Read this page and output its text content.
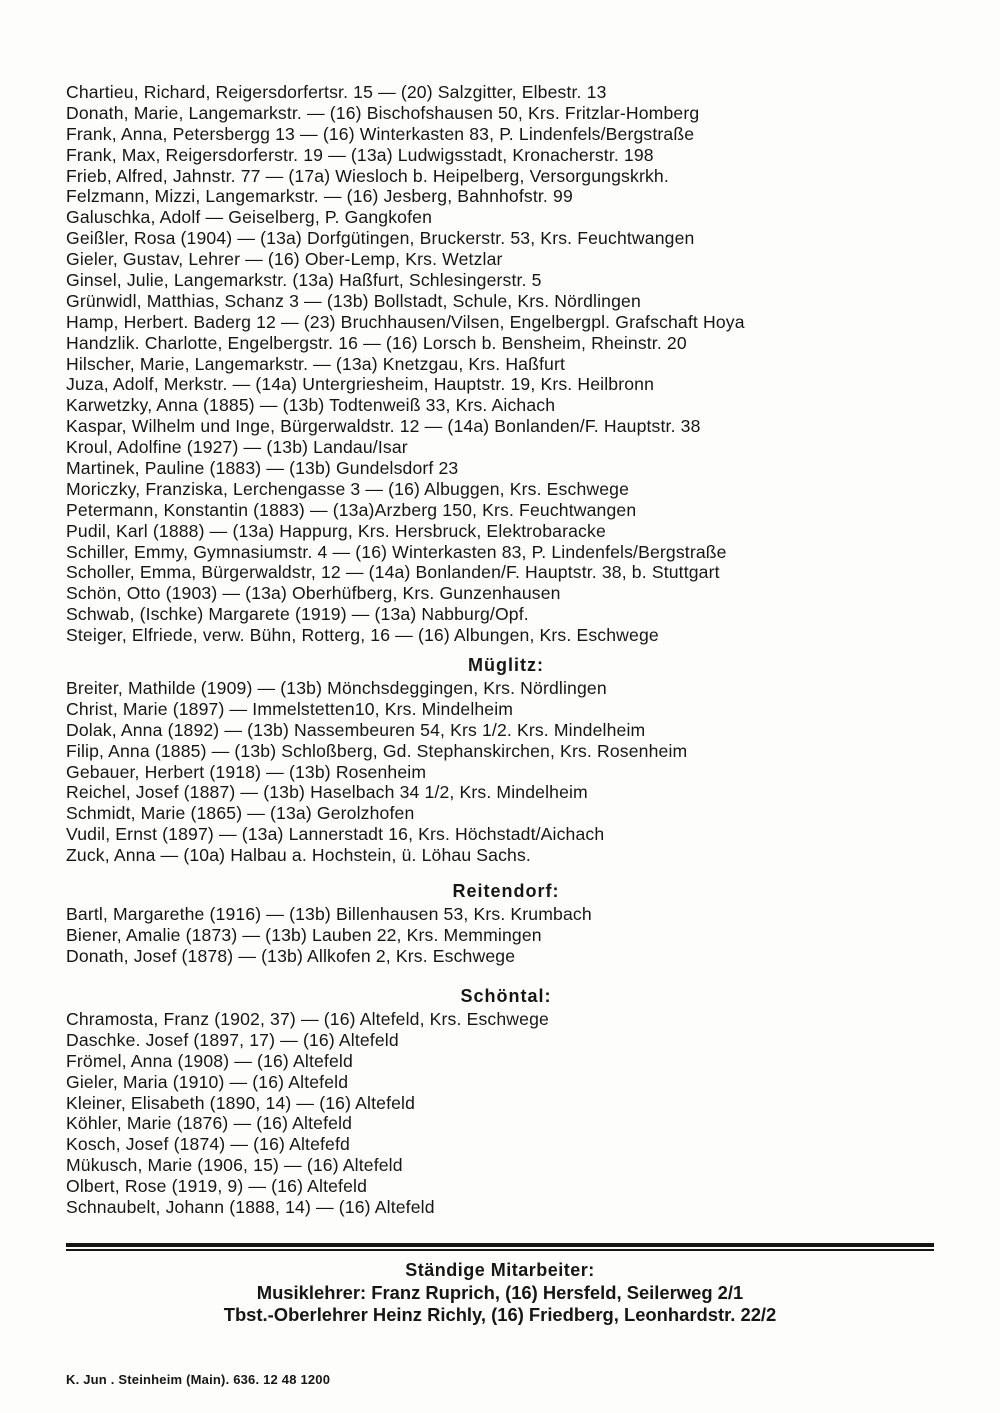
Chartieu, Richard, Reigersdorfertsr. 15 — (20) Salzgitter, Elbestr. 13
Donath, Marie, Langemarkstr. — (16) Bischofshausen 50, Krs. Fritzlar-Homberg
Frank, Anna, Petersbergg 13 — (16) Winterkasten 83, P. Lindenfels/Bergstraße
Frank, Max, Reigersdorferstr. 19 — (13a) Ludwigsstadt, Kronacherstr. 198
Frieb, Alfred, Jahnstr. 77 — (17a) Wiesloch b. Heipelberg, Versorgungskrkh.
Felzmann, Mizzi, Langemarkstr. — (16) Jesberg, Bahnhofstr. 99
Galuschka, Adolf — Geiselberg, P. Gangkofen
Geißler, Rosa (1904) — (13a) Dorfgütingen, Bruckerstr. 53, Krs. Feuchtwangen
Gieler, Gustav, Lehrer — (16) Ober-Lemp, Krs. Wetzlar
Ginsel, Julie, Langemarkstr. (13a) Haßfurt, Schlesingerstr. 5
Grünwidl, Matthias, Schanz 3 — (13b) Bollstadt, Schule, Krs. Nördlingen
Hamp, Herbert. Baderg 12 — (23) Bruchhausen/Vilsen, Engelbergpl. Grafschaft Hoya
Handzlik. Charlotte, Engelbergstr. 16 — (16) Lorsch b. Bensheim, Rheinstr. 20
Hilscher, Marie, Langemarkstr. — (13a) Knetzgau, Krs. Haßfurt
Juza, Adolf, Merkstr. — (14a) Untergriesheim, Hauptstr. 19, Krs. Heilbronn
Karwetzky, Anna (1885) — (13b) Todtenweiß 33, Krs. Aichach
Kaspar, Wilhelm und Inge, Bürgerwaldstr. 12 — (14a) Bonlanden/F. Hauptstr. 38
Kroul, Adolfine (1927) — (13b) Landau/Isar
Martinek, Pauline (1883) — (13b) Gundelsdorf 23
Moriczky, Franziska, Lerchengasse 3 — (16) Albuggen, Krs. Eschwege
Petermann, Konstantin (1883) — (13a)Arzberg 150, Krs. Feuchtwangen
Pudil, Karl (1888) — (13a) Happurg, Krs. Hersbruck, Elektrobaracke
Schiller, Emmy, Gymnasiumstr. 4 — (16) Winterkasten 83, P. Lindenfels/Bergstraße
Scholler, Emma, Bürgerwaldstr, 12 — (14a) Bonlanden/F. Hauptstr. 38, b. Stuttgart
Schön, Otto (1903) — (13a) Oberhüfberg, Krs. Gunzenhausen
Schwab, (Ischke) Margarete (1919) — (13a) Nabburg/Opf.
Steiger, Elfriede, verw. Bühn, Rotterg, 16 — (16) Albungen, Krs. Eschwege
Müglitz:
Breiter, Mathilde (1909) — (13b) Mönchsdeggingen, Krs. Nördlingen
Christ, Marie (1897) — Immelstetten10, Krs. Mindelheim
Dolak, Anna (1892) — (13b) Nassembeuren 54, Krs 1/2. Krs. Mindelheim
Filip, Anna (1885) — (13b) Schloßberg, Gd. Stephanskirchen, Krs. Rosenheim
Gebauer, Herbert (1918) — (13b) Rosenheim
Reichel, Josef (1887) — (13b) Haselbach 34 1/2, Krs. Mindelheim
Schmidt, Marie (1865) — (13a) Gerolzhofen
Vudil, Ernst (1897) — (13a) Lannerstadt 16, Krs. Höchstadt/Aichach
Zuck, Anna — (10a) Halbau a. Hochstein, ü. Löhau Sachs.
Reitendorf:
Bartl, Margarethe (1916) — (13b) Billenhausen 53, Krs. Krumbach
Biener, Amalie (1873) — (13b) Lauben 22, Krs. Memmingen
Donath, Josef (1878) — (13b) Allkofen 2, Krs. Eschwege
Schöntal:
Chramosta, Franz (1902, 37) — (16) Altefeld, Krs. Eschwege
Daschke. Josef (1897, 17) — (16) Altefeld
Frömel, Anna (1908) — (16) Altefeld
Gieler, Maria (1910) — (16) Altefeld
Kleiner, Elisabeth (1890, 14) — (16) Altefeld
Köhler, Marie (1876) — (16) Altefeld
Kosch, Josef (1874) — (16) Altefefd
Mükusch, Marie (1906, 15) — (16) Altefeld
Olbert, Rose (1919, 9) — (16) Altefeld
Schnaubelt, Johann (1888, 14) — (16) Altefeld
Ständige Mitarbeiter:
Musiklehrer: Franz Ruprich, (16) Hersfeld, Seilerweg 2/1
Tbst.-Oberlehrer Heinz Richly, (16) Friedberg, Leonhardstr. 22/2
K. Jun . Steinheim (Main). 636. 12 48 1200
